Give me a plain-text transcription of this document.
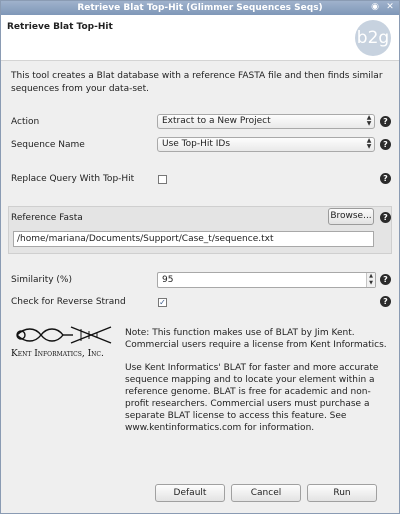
Retrieve Blat Top-Hit (Glimmer Sequences Seqs)	◉ ✕
Retrieve Blat Top-Hit
b2g
This tool creates a Blat database with a reference FASTA file and then finds similar sequences from your data-set.
Action	Extract to a New Project	▲
▼	?
Sequence Name	Use Top-Hit IDs	▲
▼	?
Replace Query With Top-Hit	?
Reference Fasta	Browse...	?
/home/mariana/Documents/Support/Case_t/sequence.txt
Similarity (%)	95	▲
▼	?
Check for Reverse Strand	✓	?
Kent Informatics, Inc.

Note: This function makes use of BLAT by Jim Kent. Commercial users require a license from Kent Informatics.

Use Kent Informatics' BLAT for faster and more accurate sequence mapping and to locate your element within a reference genome. BLAT is free for academic and non-profit researchers. Commercial users must purchase a separate BLAT license to access this feature. See www.kentinformatics.com for information.

Default	Cancel	Run
